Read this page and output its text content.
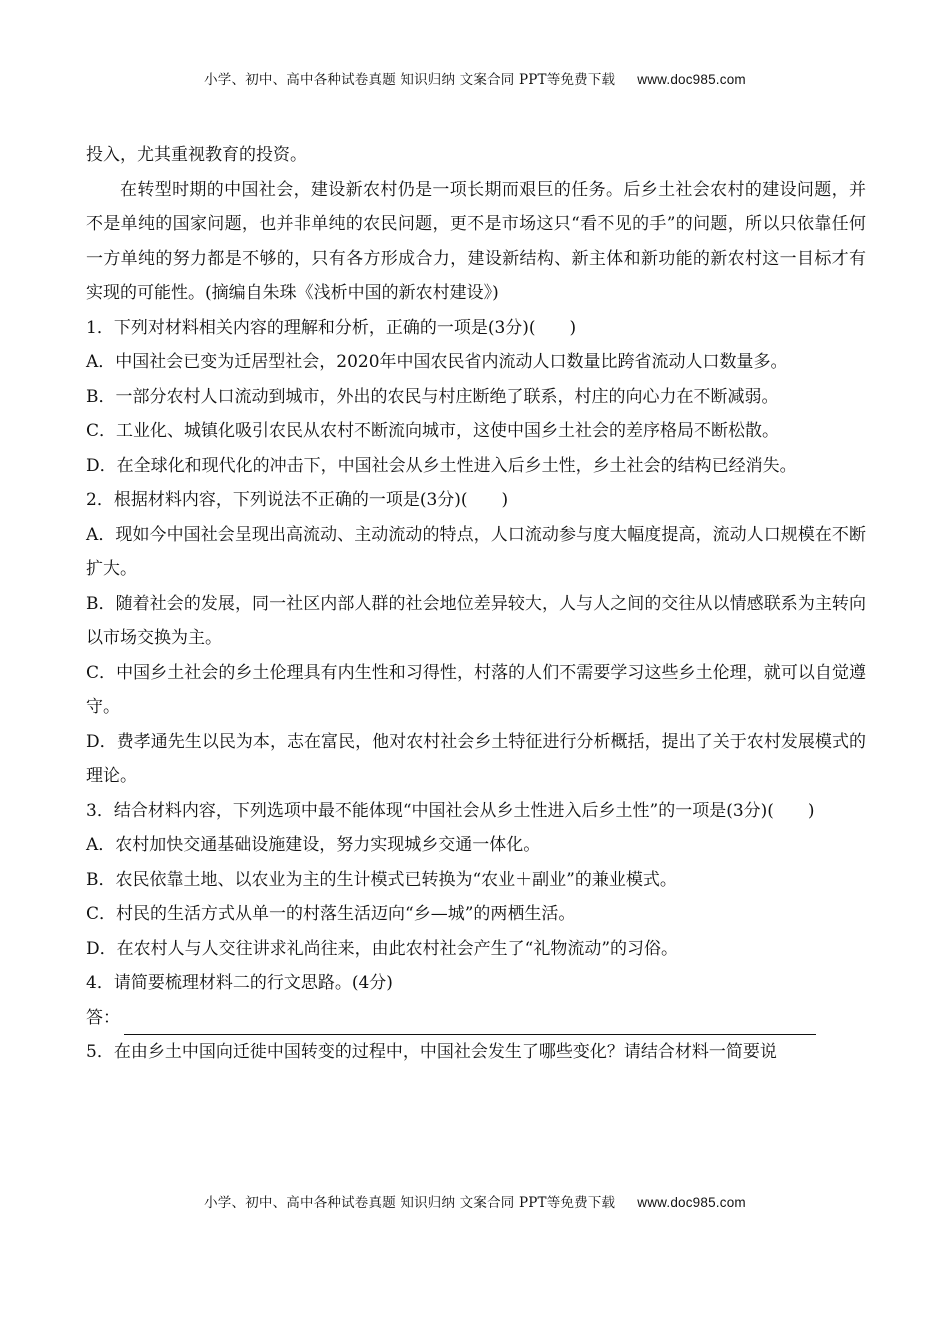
小学、初中、高中各种试卷真题 知识归纳 文案合同 PPT等免费下载 www.doc985.com

投入，尤其重视教育的投资。

在转型时期的中国社会，建设新农村仍是一项长期而艰巨的任务。后乡土社会农村的建设问题，并不是单纯的国家问题，也并非单纯的农民问题，更不是市场这只“看不见的手”的问题，所以只依靠任何一方单纯的努力都是不够的，只有各方形成合力，建设新结构、新主体和新功能的新农村这一目标才有实现的可能性。(摘编自朱珠《浅析中国的新农村建设》)

1．下列对材料相关内容的理解和分析，正确的一项是(3分)(　　)

A．中国社会已变为迁居型社会，2020年中国农民省内流动人口数量比跨省流动人口数量多。

B．一部分农村人口流动到城市，外出的农民与村庄断绝了联系，村庄的向心力在不断减弱。

C．工业化、城镇化吸引农民从农村不断流向城市，这使中国乡土社会的差序格局不断松散。

D．在全球化和现代化的冲击下，中国社会从乡土性进入后乡土性，乡土社会的结构已经消失。

2．根据材料内容，下列说法不正确的一项是(3分)(　　)

A．现如今中国社会呈现出高流动、主动流动的特点，人口流动参与度大幅度提高，流动人口规模在不断扩大。

B．随着社会的发展，同一社区内部人群的社会地位差异较大，人与人之间的交往从以情感联系为主转向以市场交换为主。

C．中国乡土社会的乡土伦理具有内生性和习得性，村落的人们不需要学习这些乡土伦理，就可以自觉遵守。

D．费孝通先生以民为本，志在富民，他对农村社会乡土特征进行分析概括，提出了关于农村发展模式的理论。

3．结合材料内容，下列选项中最不能体现“中国社会从乡土性进入后乡土性”的一项是(3分)(　　)

A．农村加快交通基础设施建设，努力实现城乡交通一体化。

B．农民依靠土地、以农业为主的生计模式已转换为“农业＋副业”的兼业模式。

C．村民的生活方式从单一的村落生活迈向“乡—城”的两栖生活。

D．在农村人与人交往讲求礼尚往来，由此农村社会产生了“礼物流动”的习俗。

4．请简要梳理材料二的行文思路。(4分)

答：

5．在由乡土中国向迁徙中国转变的过程中，中国社会发生了哪些变化？请结合材料一简要说

小学、初中、高中各种试卷真题 知识归纳 文案合同 PPT等免费下载 www.doc985.com
